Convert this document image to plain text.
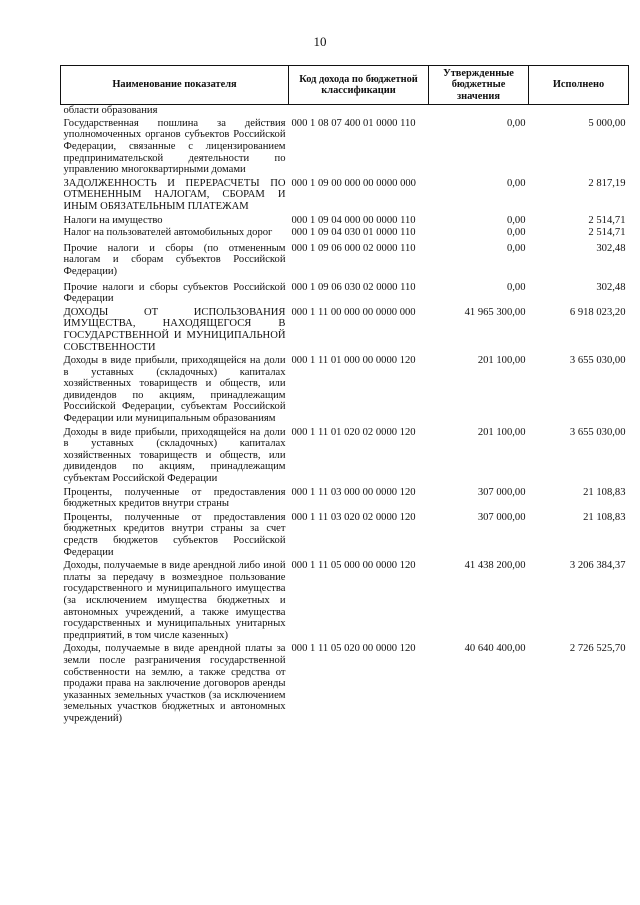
10
Наименование показателя	Код дохода по бюджетной классификации	Утвержденные бюджетные значения	Исполнено
области образования			
Государственная пошлина за действия уполномоченных органов субъектов Российской Федерации, связанные с лицензированием предпринимательской деятельности по управлению многоквартирными домами	000 1 08 07 400 01 0000 110	0,00	5 000,00
ЗАДОЛЖЕННОСТЬ И ПЕРЕРАСЧЕТЫ ПО ОТМЕНЕННЫМ НАЛОГАМ, СБОРАМ И ИНЫМ ОБЯЗАТЕЛЬНЫМ ПЛАТЕЖАМ	000 1 09 00 000 00 0000 000	0,00	2 817,19
Налоги на имущество	000 1 09 04 000 00 0000 110	0,00	2 514,71
Налог на пользователей автомобильных дорог	000 1 09 04 030 01 0000 110	0,00	2 514,71
Прочие налоги и сборы (по отмененным налогам и сборам субъектов Российской Федерации)	000 1 09 06 000 02 0000 110	0,00	302,48
Прочие налоги и сборы субъектов Российской Федерации	000 1 09 06 030 02 0000 110	0,00	302,48
ДОХОДЫ ОТ ИСПОЛЬЗОВАНИЯ ИМУЩЕСТВА, НАХОДЯЩЕГОСЯ В ГОСУДАРСТВЕННОЙ И МУНИЦИПАЛЬНОЙ СОБСТВЕННОСТИ	000 1 11 00 000 00 0000 000	41 965 300,00	6 918 023,20
Доходы в виде прибыли, приходящейся на доли в уставных (складочных) капиталах хозяйственных товариществ и обществ, или дивидендов по акциям, принадлежащим Российской Федерации, субъектам Российской Федерации или муниципальным образованиям	000 1 11 01 000 00 0000 120	201 100,00	3 655 030,00
Доходы в виде прибыли, приходящейся на доли в уставных (складочных) капиталах хозяйственных товариществ и обществ, или дивидендов по акциям, принадлежащим субъектам Российской Федерации	000 1 11 01 020 02 0000 120	201 100,00	3 655 030,00
Проценты, полученные от предоставления бюджетных кредитов внутри страны	000 1 11 03 000 00 0000 120	307 000,00	21 108,83
Проценты, полученные от предоставления бюджетных кредитов внутри страны за счет средств бюджетов субъектов Российской Федерации	000 1 11 03 020 02 0000 120	307 000,00	21 108,83
Доходы, получаемые в виде арендной либо иной платы за передачу в возмездное пользование государственного и муниципального имущества (за исключением имущества бюджетных и автономных учреждений, а также имущества государственных и муниципальных унитарных предприятий, в том числе казенных)	000 1 11 05 000 00 0000 120	41 438 200,00	3 206 384,37
Доходы, получаемые в виде арендной платы за земли после разграничения государственной собственности на землю, а также средства от продажи права на заключение договоров аренды указанных земельных участков (за исключением земельных участков бюджетных и автономных учреждений)	000 1 11 05 020 00 0000 120	40 640 400,00	2 726 525,70
